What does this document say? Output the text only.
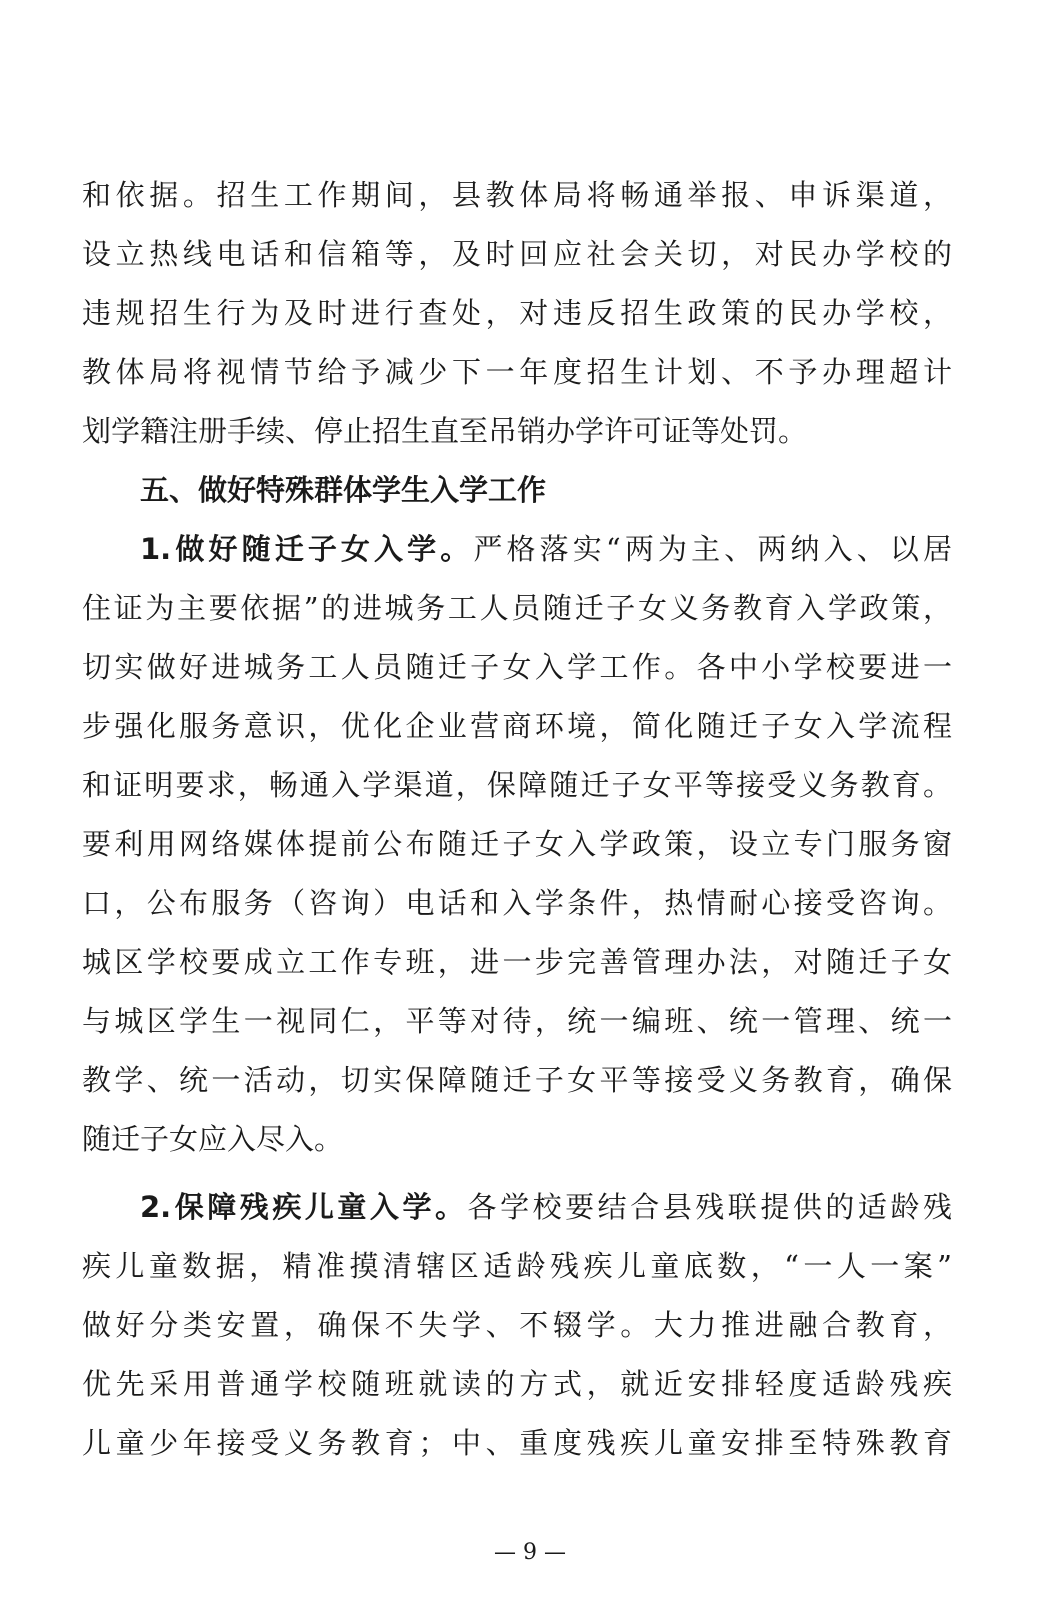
和依据。招生工作期间，县教体局将畅通举报、申诉渠道，
设立热线电话和信箱等，及时回应社会关切，对民办学校的
违规招生行为及时进行查处，对违反招生政策的民办学校，
教体局将视情节给予减少下一年度招生计划、不予办理超计
划学籍注册手续、停止招生直至吊销办学许可证等处罚。
五、做好特殊群体学生入学工作
1.做好随迁子女入学。严格落实“两为主、两纳入、以居
住证为主要依据”的进城务工人员随迁子女义务教育入学政策，
切实做好进城务工人员随迁子女入学工作。各中小学校要进一
步强化服务意识，优化企业营商环境，简化随迁子女入学流程
和证明要求，畅通入学渠道，保障随迁子女平等接受义务教育。
要利用网络媒体提前公布随迁子女入学政策，设立专门服务窗
口，公布服务（咨询）电话和入学条件，热情耐心接受咨询。
城区学校要成立工作专班，进一步完善管理办法，对随迁子女
与城区学生一视同仁，平等对待，统一编班、统一管理、统一
教学、统一活动，切实保障随迁子女平等接受义务教育，确保
随迁子女应入尽入。
2.保障残疾儿童入学。各学校要结合县残联提供的适龄残
疾儿童数据，精准摸清辖区适龄残疾儿童底数，“一人一案”
做好分类安置，确保不失学、不辍学。大力推进融合教育，
优先采用普通学校随班就读的方式，就近安排轻度适龄残疾
儿童少年接受义务教育；中、重度残疾儿童安排至特殊教育
— 9 —
